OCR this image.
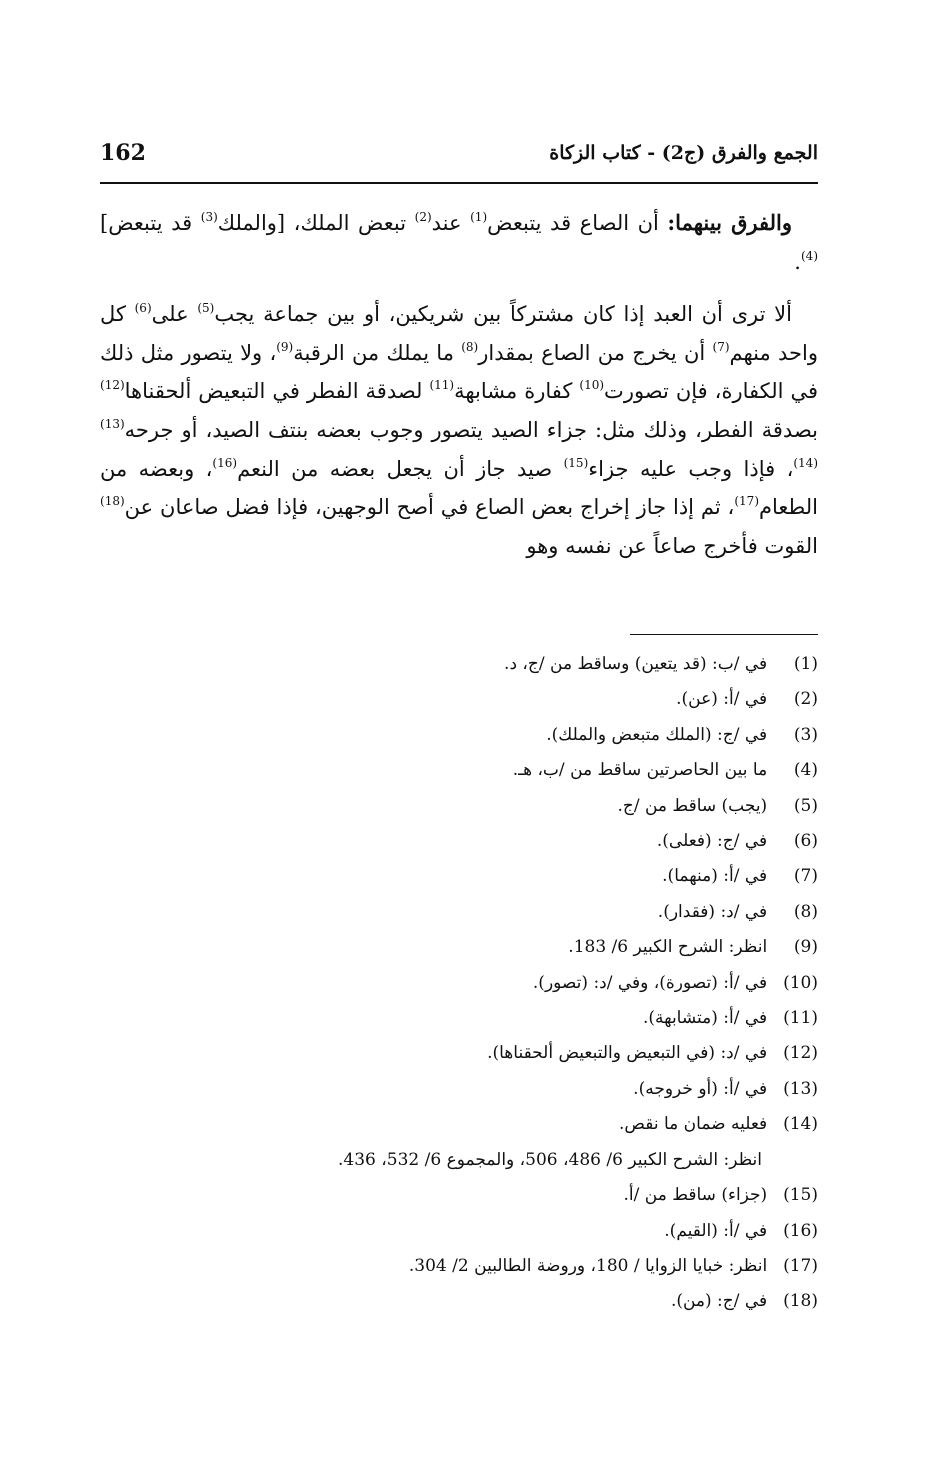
162	الجمع والفرق (ج2) - كتاب الزكاة

والفرق بينهما: أن الصاع قد يتبعض$^{(1)}$ عند$^{(2)}$ تبعض الملك، [والملك$^{(3)}$ قد يتبعض]$^{(4)}$.

ألا ترى أن العبد إذا كان مشتركاً بين شريكين، أو بين جماعة يجب$^{(5)}$ على$^{(6)}$ كل واحد منهم$^{(7)}$ أن يخرج من الصاع بمقدار$^{(8)}$ ما يملك من الرقبة$^{(9)}$، ولا يتصور مثل ذلك في الكفارة، فإن تصورت$^{(10)}$ كفارة مشابهة$^{(11)}$ لصدقة الفطر في التبعيض ألحقناها$^{(12)}$ بصدقة الفطر، وذلك مثل: جزاء الصيد يتصور وجوب بعضه بنتف الصيد، أو جرحه$^{(13)}$ $^{(14)}$، فإذا وجب عليه جزاء$^{(15)}$ صيد جاز أن يجعل بعضه من النعم$^{(16)}$، وبعضه من الطعام$^{(17)}$، ثم إذا جاز إخراج بعض الصاع في أصح الوجهين، فإذا فضل صاعان عن$^{(18)}$ القوت فأخرج صاعاً عن نفسه وهو

(1)  في /ب: (قد يتعين) وساقط من /ج، د.
(2)  في /أ: (عن).
(3)  في /ج: (الملك متبعض والملك).
(4)  ما بين الحاصرتين ساقط من /ب، هـ.
(5)  (يجب) ساقط من /ج.
(6)  في /ج: (فعلى).
(7)  في /أ: (منهما).
(8)  في /د: (فقدار).
(9)  انظر: الشرح الكبير 6/ 183.
(10)  في /أ: (تصورة)، وفي /د: (تصور).
(11)  في /أ: (متشابهة).
(12)  في /د: (في التبعيض والتبعيض ألحقناها).
(13)  في /أ: (أو خروجه).
(14)  فعليه ضمان ما نقص.
انظر: الشرح الكبير 6/ 486، 506، والمجموع 6/ 532، 436.
(15)  (جزاء) ساقط من /أ.
(16)  في /أ: (القيم).
(17)  انظر: خبايا الزوايا / 180، وروضة الطالبين 2/ 304.
(18)  في /ج: (من).
